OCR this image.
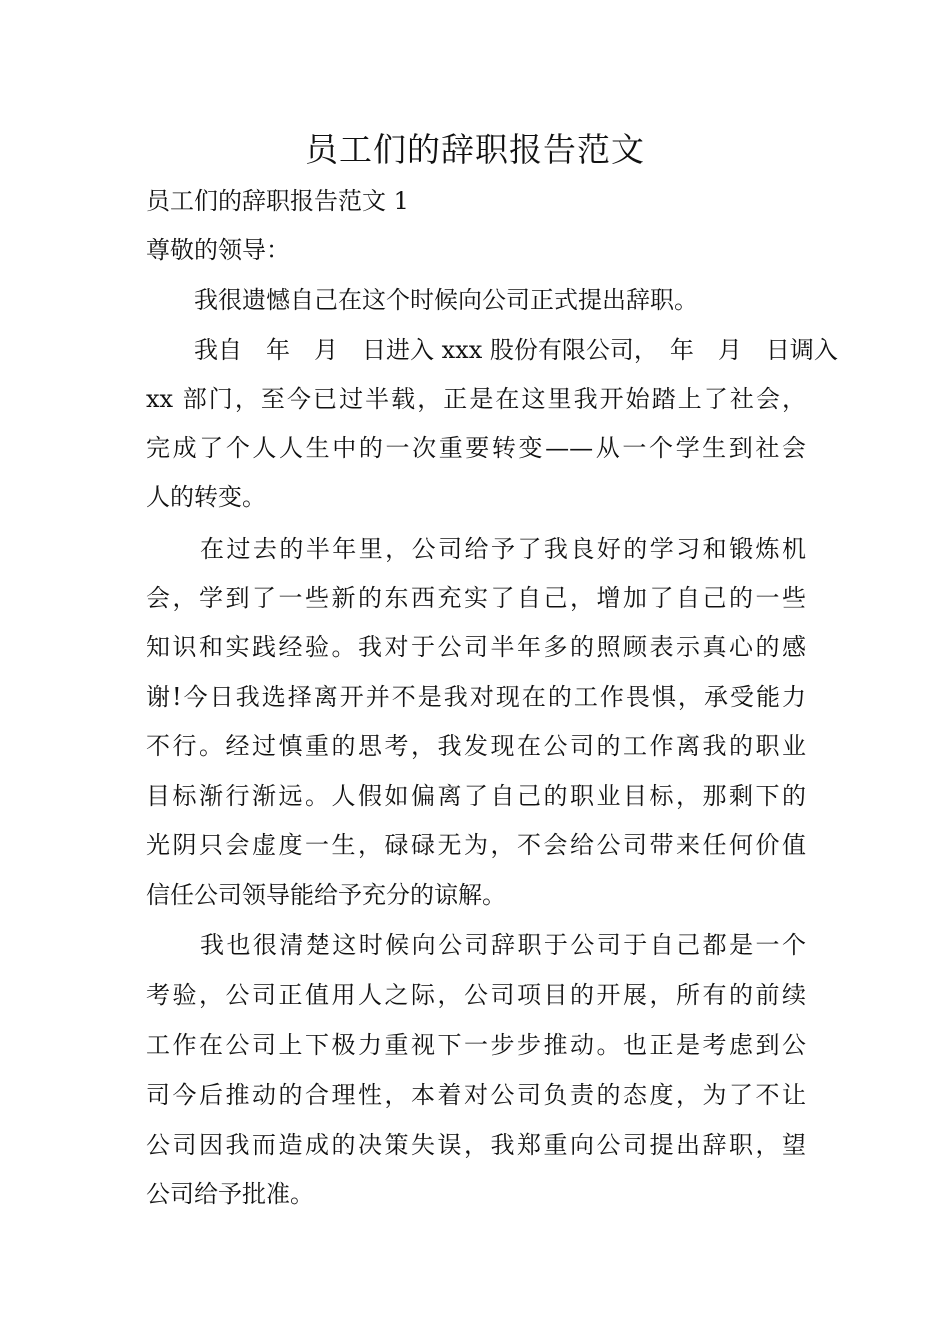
员工们的辞职报告范文
员工们的辞职报告范文 1
尊敬的领导：
我很遗憾自己在这个时候向公司正式提出辞职。
我自　年　月　日进入 xxx 股份有限公司，　年　月　日调入
xx 部门，至今已过半载，正是在这里我开始踏上了社会，
完成了个人人生中的一次重要转变——从一个学生到社会
人的转变。
在过去的半年里，公司给予了我良好的学习和锻炼机
会，学到了一些新的东西充实了自己，增加了自己的一些
知识和实践经验。我对于公司半年多的照顾表示真心的感
谢!今日我选择离开并不是我对现在的工作畏惧，承受能力
不行。经过慎重的思考，我发现在公司的工作离我的职业
目标渐行渐远。人假如偏离了自己的职业目标，那剩下的
光阴只会虚度一生，碌碌无为，不会给公司带来任何价值
信任公司领导能给予充分的谅解。
我也很清楚这时候向公司辞职于公司于自己都是一个
考验，公司正值用人之际，公司项目的开展，所有的前续
工作在公司上下极力重视下一步步推动。也正是考虑到公
司今后推动的合理性，本着对公司负责的态度，为了不让
公司因我而造成的决策失误，我郑重向公司提出辞职，望
公司给予批准。
